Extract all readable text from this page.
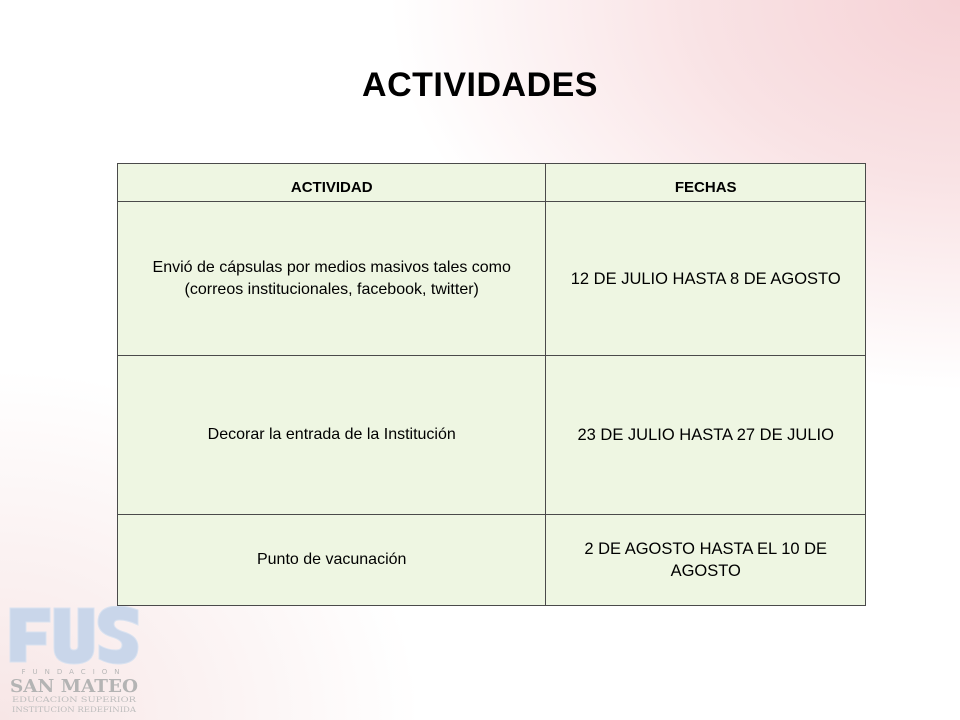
ACTIVIDADES
ACTIVIDAD	FECHAS
Envió de cápsulas por medios masivos tales como (correos institucionales, facebook, twitter)	12 DE JULIO HASTA 8 DE AGOSTO
Decorar la entrada de la Institución	23 DE JULIO HASTA 27 DE JULIO
Punto de vacunación	2 DE AGOSTO HASTA EL 10 DE AGOSTO
FUNDACION
SAN MATEO
EDUCACION SUPERIOR
INSTITUCION REDEFINIDA
